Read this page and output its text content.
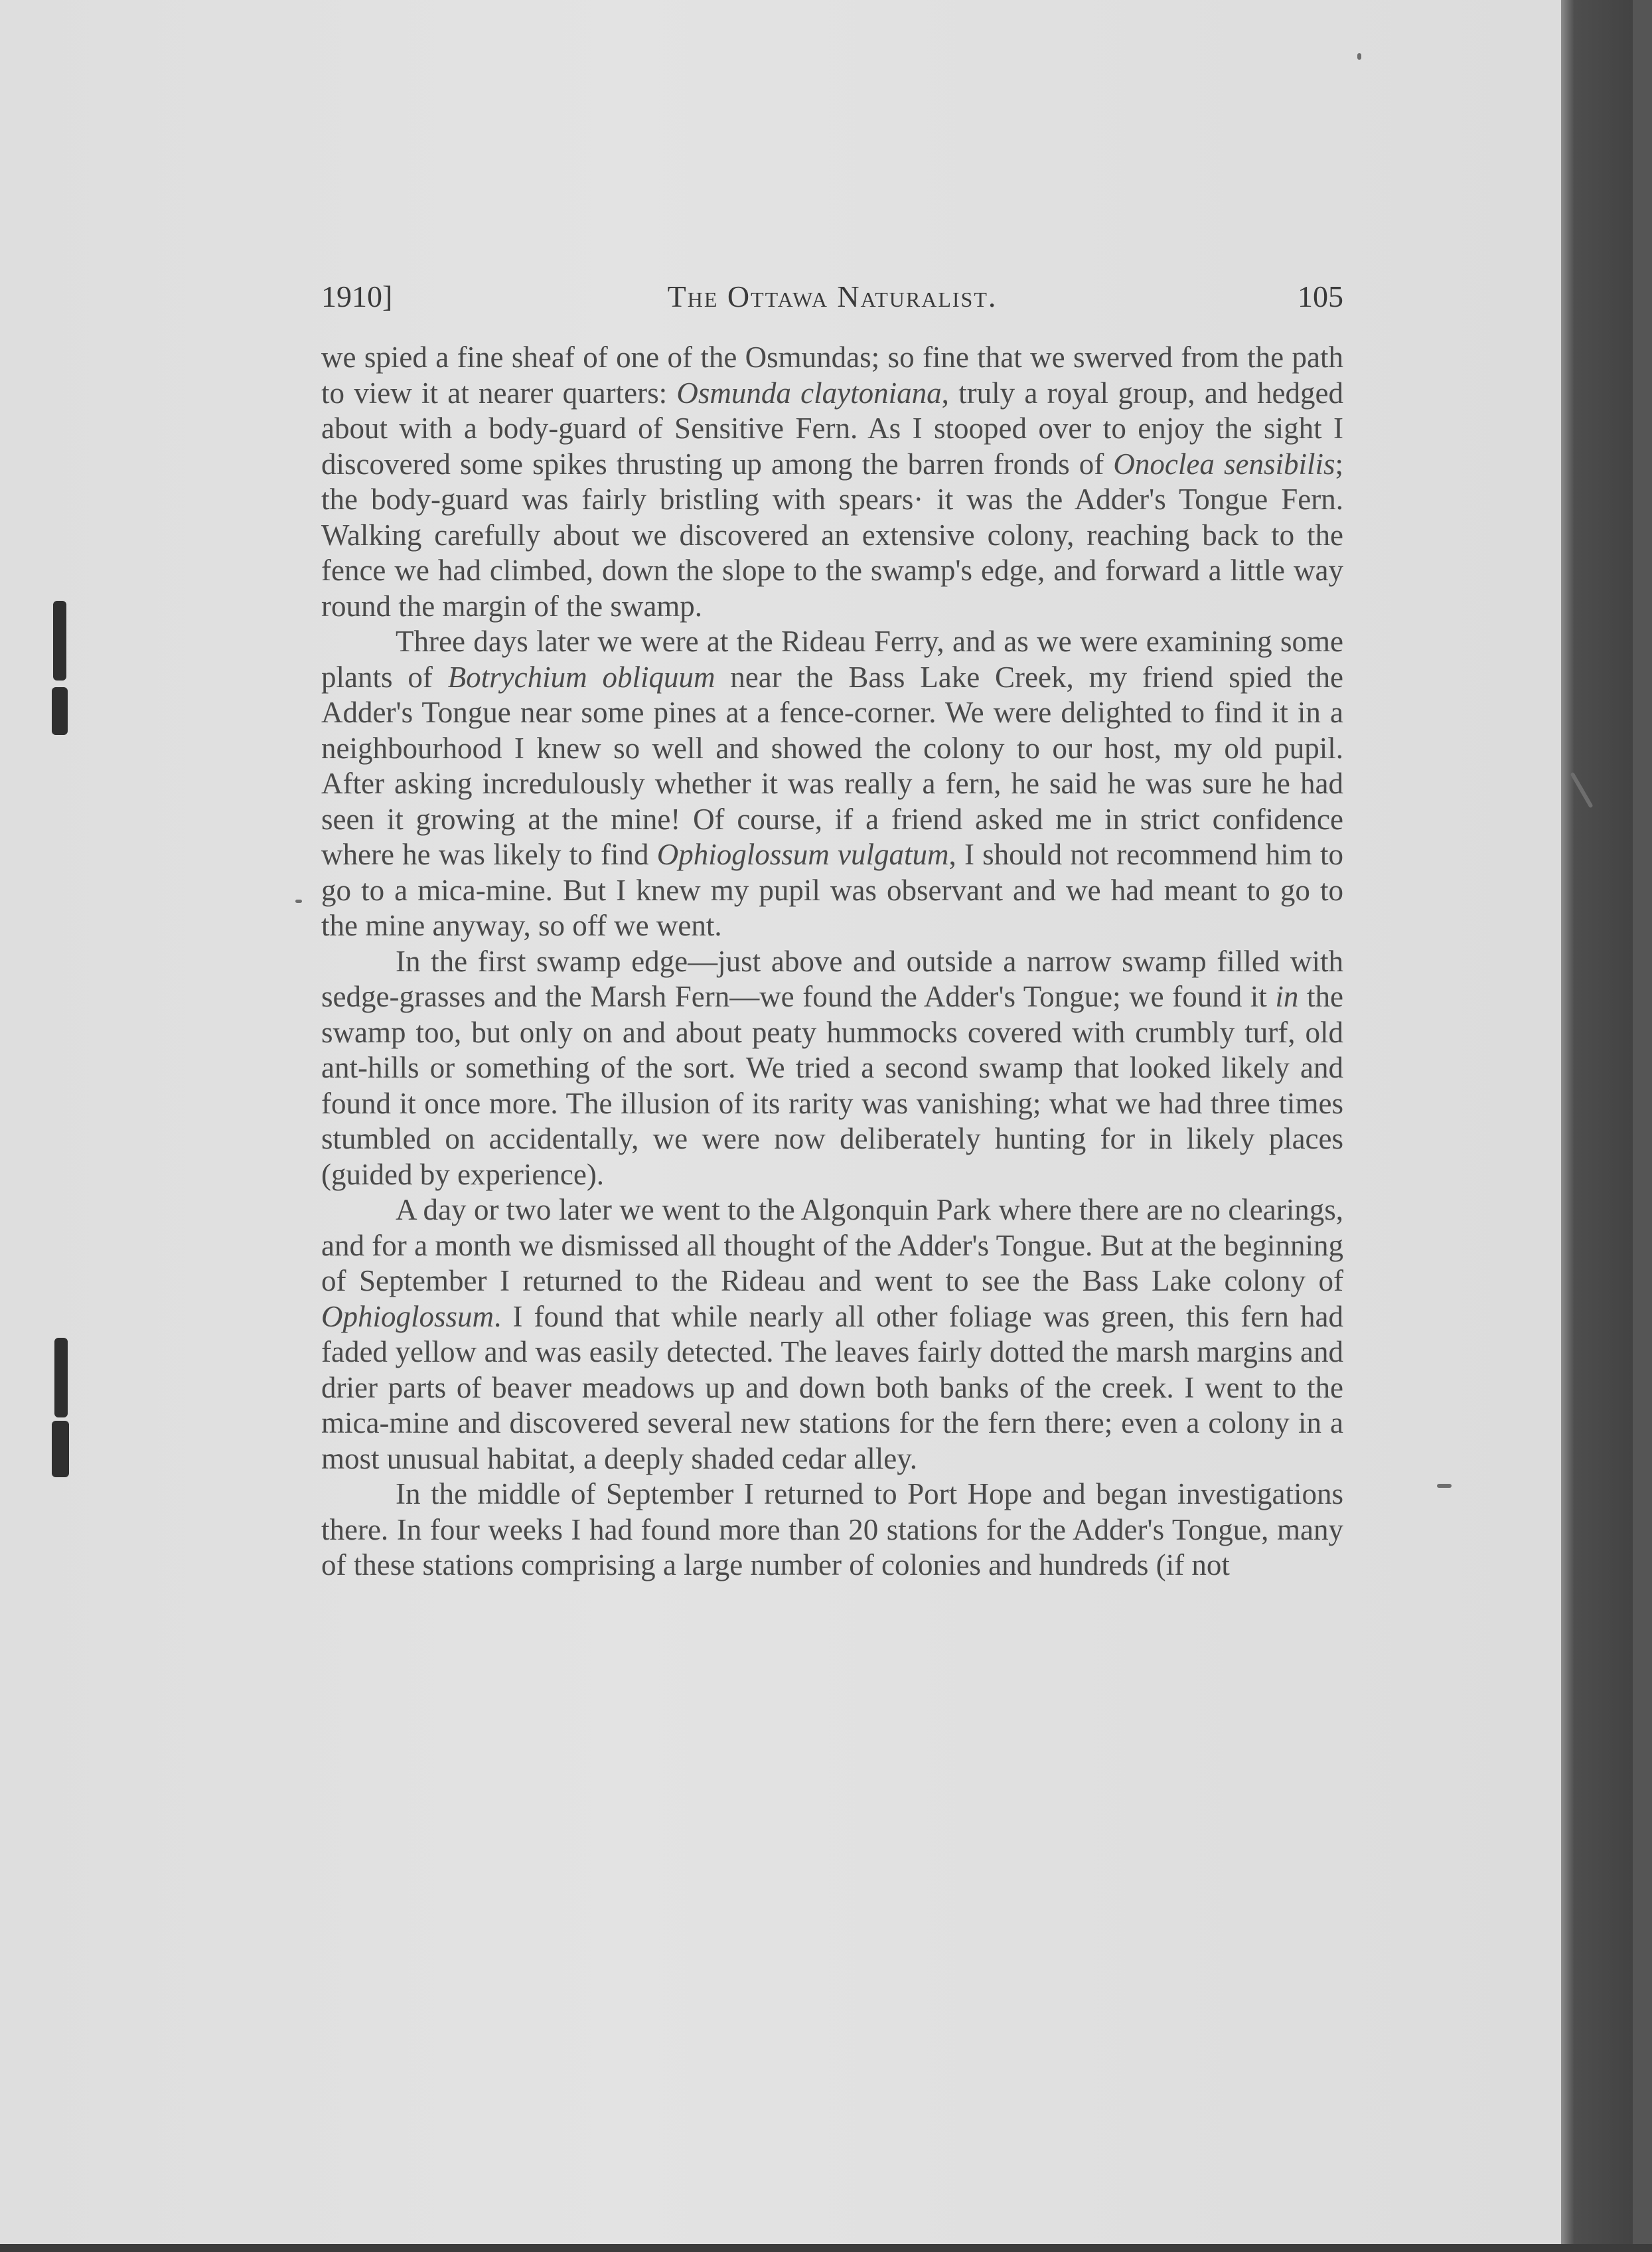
1910]	The Ottawa Naturalist.	105

we spied a fine sheaf of one of the Osmundas; so fine that we swerved from the path to view it at nearer quarters: Osmunda claytoniana, truly a royal group, and hedged about with a body-guard of Sensitive Fern. As I stooped over to enjoy the sight I discovered some spikes thrusting up among the barren fronds of Onoclea sensibilis; the body-guard was fairly bristling with spears· it was the Adder's Tongue Fern. Walking carefully about we discovered an extensive colony, reaching back to the fence we had climbed, down the slope to the swamp's edge, and forward a little way round the margin of the swamp.

Three days later we were at the Rideau Ferry, and as we were examining some plants of Botrychium obliquum near the Bass Lake Creek, my friend spied the Adder's Tongue near some pines at a fence-corner. We were delighted to find it in a neighbourhood I knew so well and showed the colony to our host, my old pupil. After asking incredulously whether it was really a fern, he said he was sure he had seen it growing at the mine! Of course, if a friend asked me in strict confidence where he was likely to find Ophioglossum vulgatum, I should not recommend him to go to a mica-mine. But I knew my pupil was observant and we had meant to go to the mine anyway, so off we went.

In the first swamp edge—just above and outside a narrow swamp filled with sedge-grasses and the Marsh Fern—we found the Adder's Tongue; we found it in the swamp too, but only on and about peaty hummocks covered with crumbly turf, old ant-hills or something of the sort. We tried a second swamp that looked likely and found it once more. The illusion of its rarity was vanishing; what we had three times stumbled on accidentally, we were now deliberately hunting for in likely places (guided by experience).

A day or two later we went to the Algonquin Park where there are no clearings, and for a month we dismissed all thought of the Adder's Tongue. But at the beginning of September I returned to the Rideau and went to see the Bass Lake colony of Ophioglossum. I found that while nearly all other foliage was green, this fern had faded yellow and was easily detected. The leaves fairly dotted the marsh margins and drier parts of beaver meadows up and down both banks of the creek. I went to the mica-mine and discovered several new stations for the fern there; even a colony in a most unusual habitat, a deeply shaded cedar alley.

In the middle of September I returned to Port Hope and began investigations there. In four weeks I had found more than 20 stations for the Adder's Tongue, many of these stations comprising a large number of colonies and hundreds (if not
